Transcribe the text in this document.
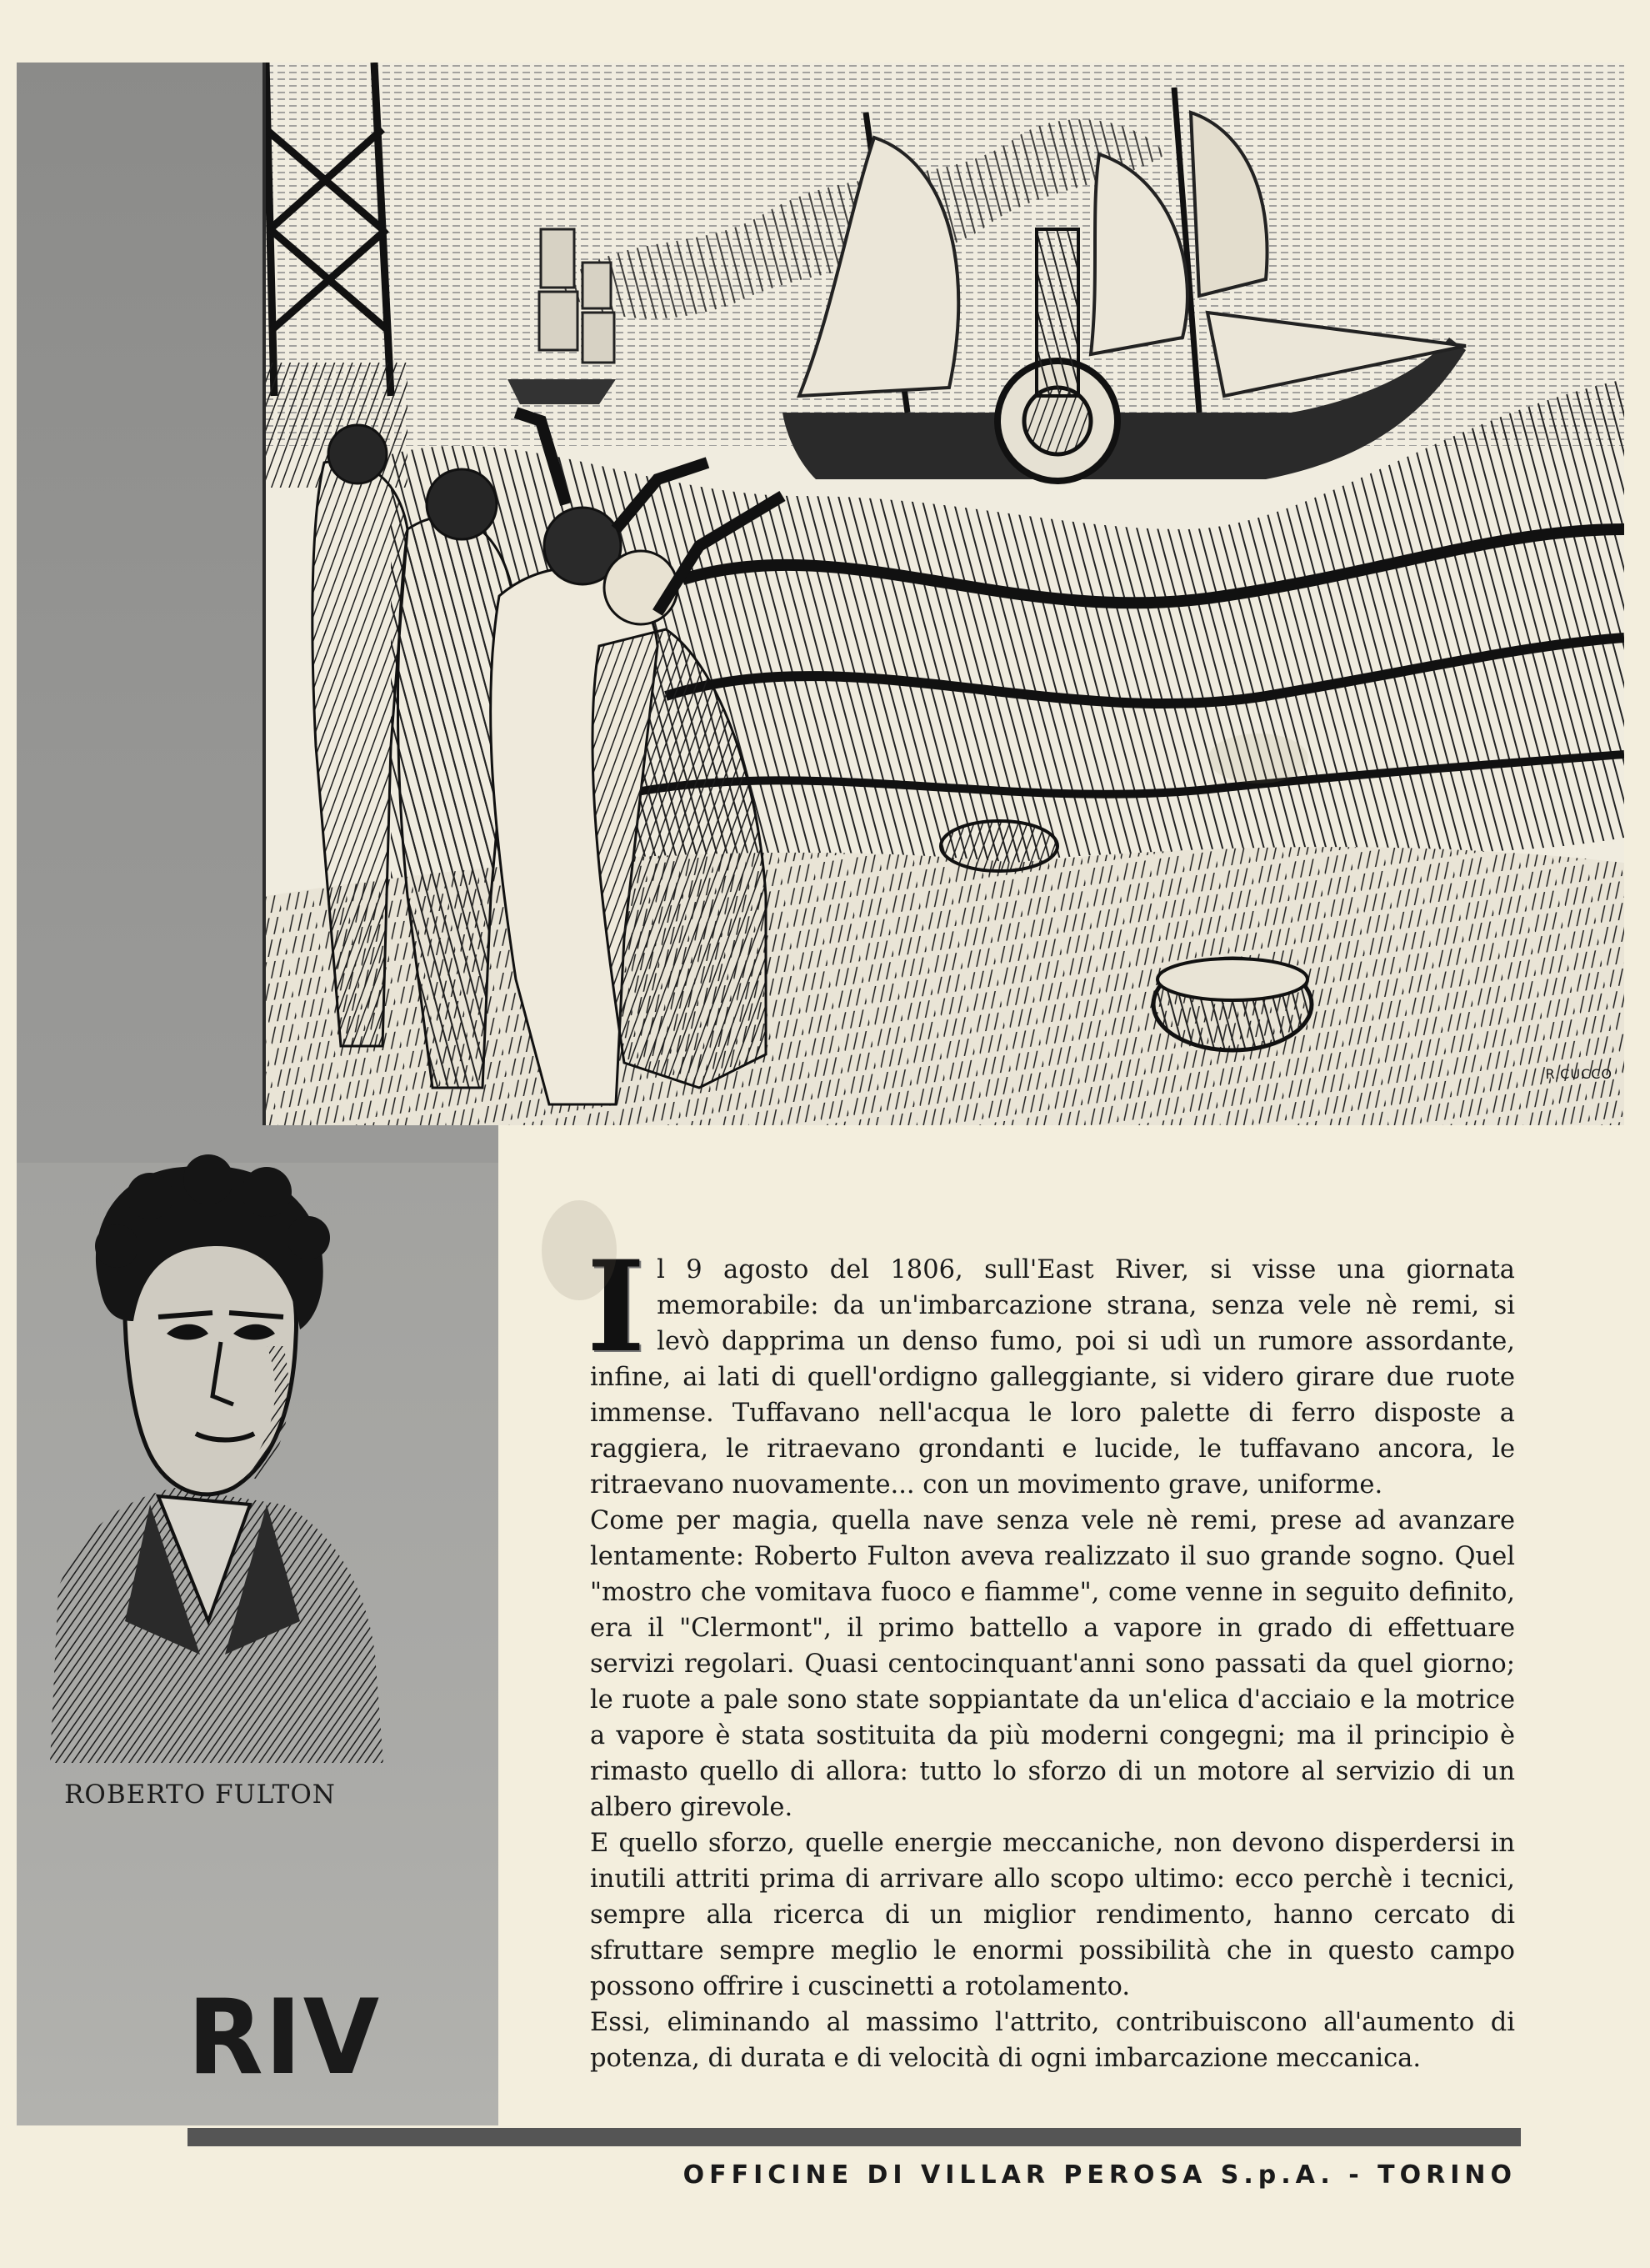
R.CUCCO
ROBERTO FULTON
RIV
I l 9 agosto del 1806, sull'East River, si visse una giornata memorabile: da un'imbarcazione strana, senza vele nè remi, si levò dapprima un denso fumo, poi si udì un rumore assordante, infine, ai lati di quell'ordigno galleggiante, si videro girare due ruote immense. Tuffavano nell'acqua le loro palette di ferro disposte a raggiera, le ritraevano grondanti e lucide, le tuffavano ancora, le ritraevano nuovamente... con un movimento grave, uniforme.

Come per magia, quella nave senza vele nè remi, prese ad avanzare lentamente: Roberto Fulton aveva realizzato il suo grande sogno. Quel "mostro che vomitava fuoco e fiamme", come venne in seguito definito, era il "Clermont", il primo battello a vapore in grado di effettuare servizi regolari. Quasi centocinquant'anni sono passati da quel giorno; le ruote a pale sono state soppiantate da un'elica d'acciaio e la motrice a vapore è stata sostituita da più moderni congegni; ma il principio è rimasto quello di allora: tutto lo sforzo di un motore al servizio di un albero girevole.

E quello sforzo, quelle energie meccaniche, non devono disperdersi in inutili attriti prima di arrivare allo scopo ultimo: ecco perchè i tecnici, sempre alla ricerca di un miglior rendimento, hanno cercato di sfruttare sempre meglio le enormi possibilità che in questo campo possono offrire i cuscinetti a rotolamento.

Essi, eliminando al massimo l'attrito, contribuiscono all'aumento di potenza, di durata e di velocità di ogni imbarcazione meccanica.

OFFICINE DI VILLAR PEROSA S.p.A. - TORINO
